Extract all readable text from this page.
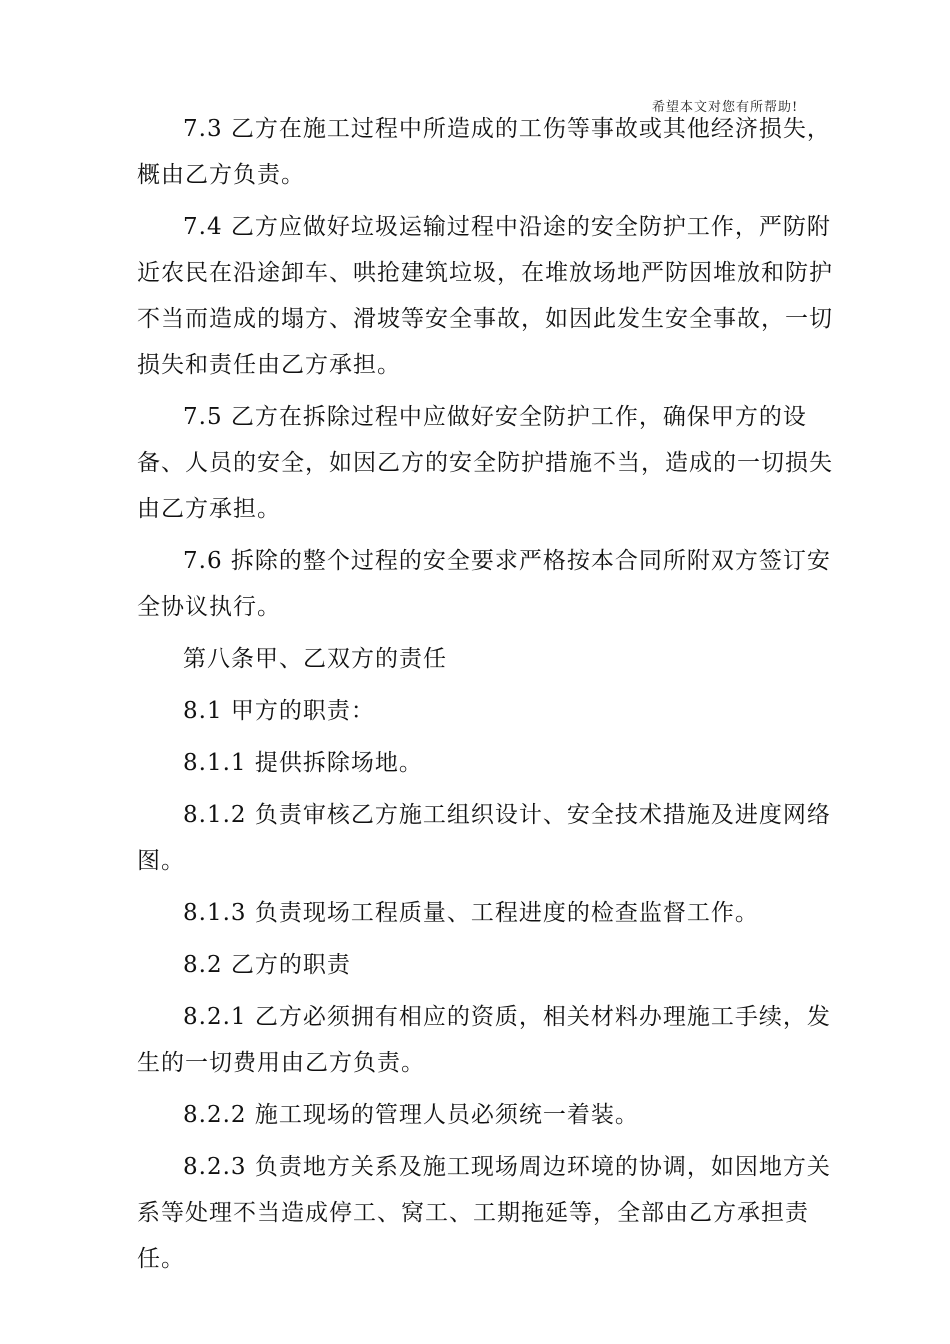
希望本文对您有所帮助!

7.3 乙方在施工过程中所造成的工伤等事故或其他经济损失，概由乙方负责。

7.4 乙方应做好垃圾运输过程中沿途的安全防护工作，严防附近农民在沿途卸车、哄抢建筑垃圾，在堆放场地严防因堆放和防护不当而造成的塌方、滑坡等安全事故，如因此发生安全事故，一切损失和责任由乙方承担。

7.5 乙方在拆除过程中应做好安全防护工作，确保甲方的设备、人员的安全，如因乙方的安全防护措施不当，造成的一切损失由乙方承担。

7.6 拆除的整个过程的安全要求严格按本合同所附双方签订安全协议执行。

第八条甲、乙双方的责任

8.1 甲方的职责：

8.1.1 提供拆除场地。

8.1.2 负责审核乙方施工组织设计、安全技术措施及进度网络图。

8.1.3 负责现场工程质量、工程进度的检查监督工作。

8.2 乙方的职责

8.2.1 乙方必须拥有相应的资质，相关材料办理施工手续，发生的一切费用由乙方负责。

8.2.2 施工现场的管理人员必须统一着装。

8.2.3 负责地方关系及施工现场周边环境的协调，如因地方关系等处理不当造成停工、窝工、工期拖延等，全部由乙方承担责任。
